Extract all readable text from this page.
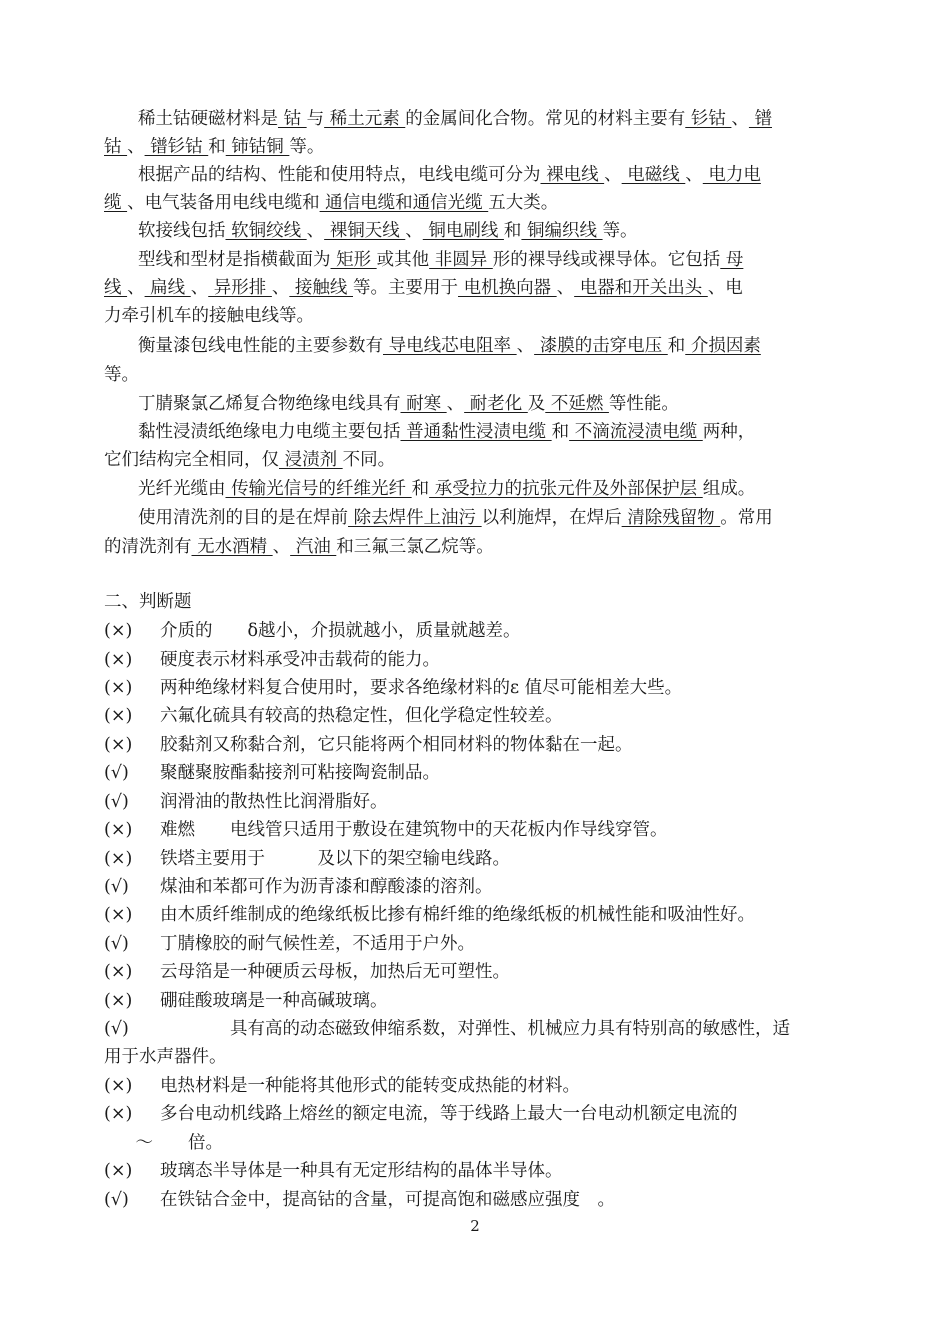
稀土钴硬磁材料是 钴 与 稀土元素 的金属间化合物。常见的材料主要有 钐钴 、 镨
钴 、 镨钐钴 和 铈钴铜 等。
根据产品的结构、性能和使用特点，电线电缆可分为 裸电线 、 电磁线 、 电力电
缆 、电气装备用电线电缆和 通信电缆和通信光缆 五大类。
软接线包括 软铜绞线 、 裸铜天线 、 铜电刷线 和 铜编织线 等。
型线和型材是指横截面为 矩形 或其他 非圆异 形的裸导线或裸导体。它包括 母
线 、 扁线 、 异形排 、 接触线 等。主要用于 电机换向器 、 电器和开关出头 、电
力牵引机车的接触电线等。
衡量漆包线电性能的主要参数有 导电线芯电阻率 、 漆膜的击穿电压 和 介损因素
等。
丁腈聚氯乙烯复合物绝缘电线具有 耐寒 、 耐老化 及 不延燃 等性能。
黏性浸渍纸绝缘电力电缆主要包括 普通黏性浸渍电缆 和 不滴流浸渍电缆 两种，
它们结构完全相同，仅 浸渍剂 不同。
光纤光缆由 传输光信号的纤维光纤 和 承受拉力的抗张元件及外部保护层 组成。
使用清洗剂的目的是在焊前 除去焊件上油污 以利施焊，在焊后 清除残留物 。常用
的清洗剂有 无水酒精 、 汽油 和三氟三氯乙烷等。
二、判断题
(×) 介质的　　δ越小，介损就越小，质量就越差。
(×) 硬度表示材料承受冲击载荷的能力。
(×) 两种绝缘材料复合使用时，要求各绝缘材料的ε 值尽可能相差大些。
(×) 六氟化硫具有较高的热稳定性，但化学稳定性较差。
(×) 胶黏剂又称黏合剂，它只能将两个相同材料的物体黏在一起。
(√) 聚醚聚胺酯黏接剂可粘接陶瓷制品。
(√) 润滑油的散热性比润滑脂好。
(×) 难燃　　电线管只适用于敷设在建筑物中的天花板内作导线穿管。
(×) 铁塔主要用于　　　及以下的架空输电线路。
(√) 煤油和苯都可作为沥青漆和醇酸漆的溶剂。
(×) 由木质纤维制成的绝缘纸板比掺有棉纤维的绝缘纸板的机械性能和吸油性好。
(√) 丁腈橡胶的耐气候性差，不适用于户外。
(×) 云母箔是一种硬质云母板，加热后无可塑性。
(×) 硼硅酸玻璃是一种高碱玻璃。
(√)　　　　具有高的动态磁致伸缩系数，对弹性、机械应力具有特别高的敏感性，适
用于水声器件。
(×) 电热材料是一种能将其他形式的能转变成热能的材料。
(×) 多台电动机线路上熔丝的额定电流，等于线路上最大一台电动机额定电流的
　～　　倍。
(×) 玻璃态半导体是一种具有无定形结构的晶体半导体。
(√) 在铁钴合金中，提高钴的含量，可提高饱和磁感应强度　。
2
